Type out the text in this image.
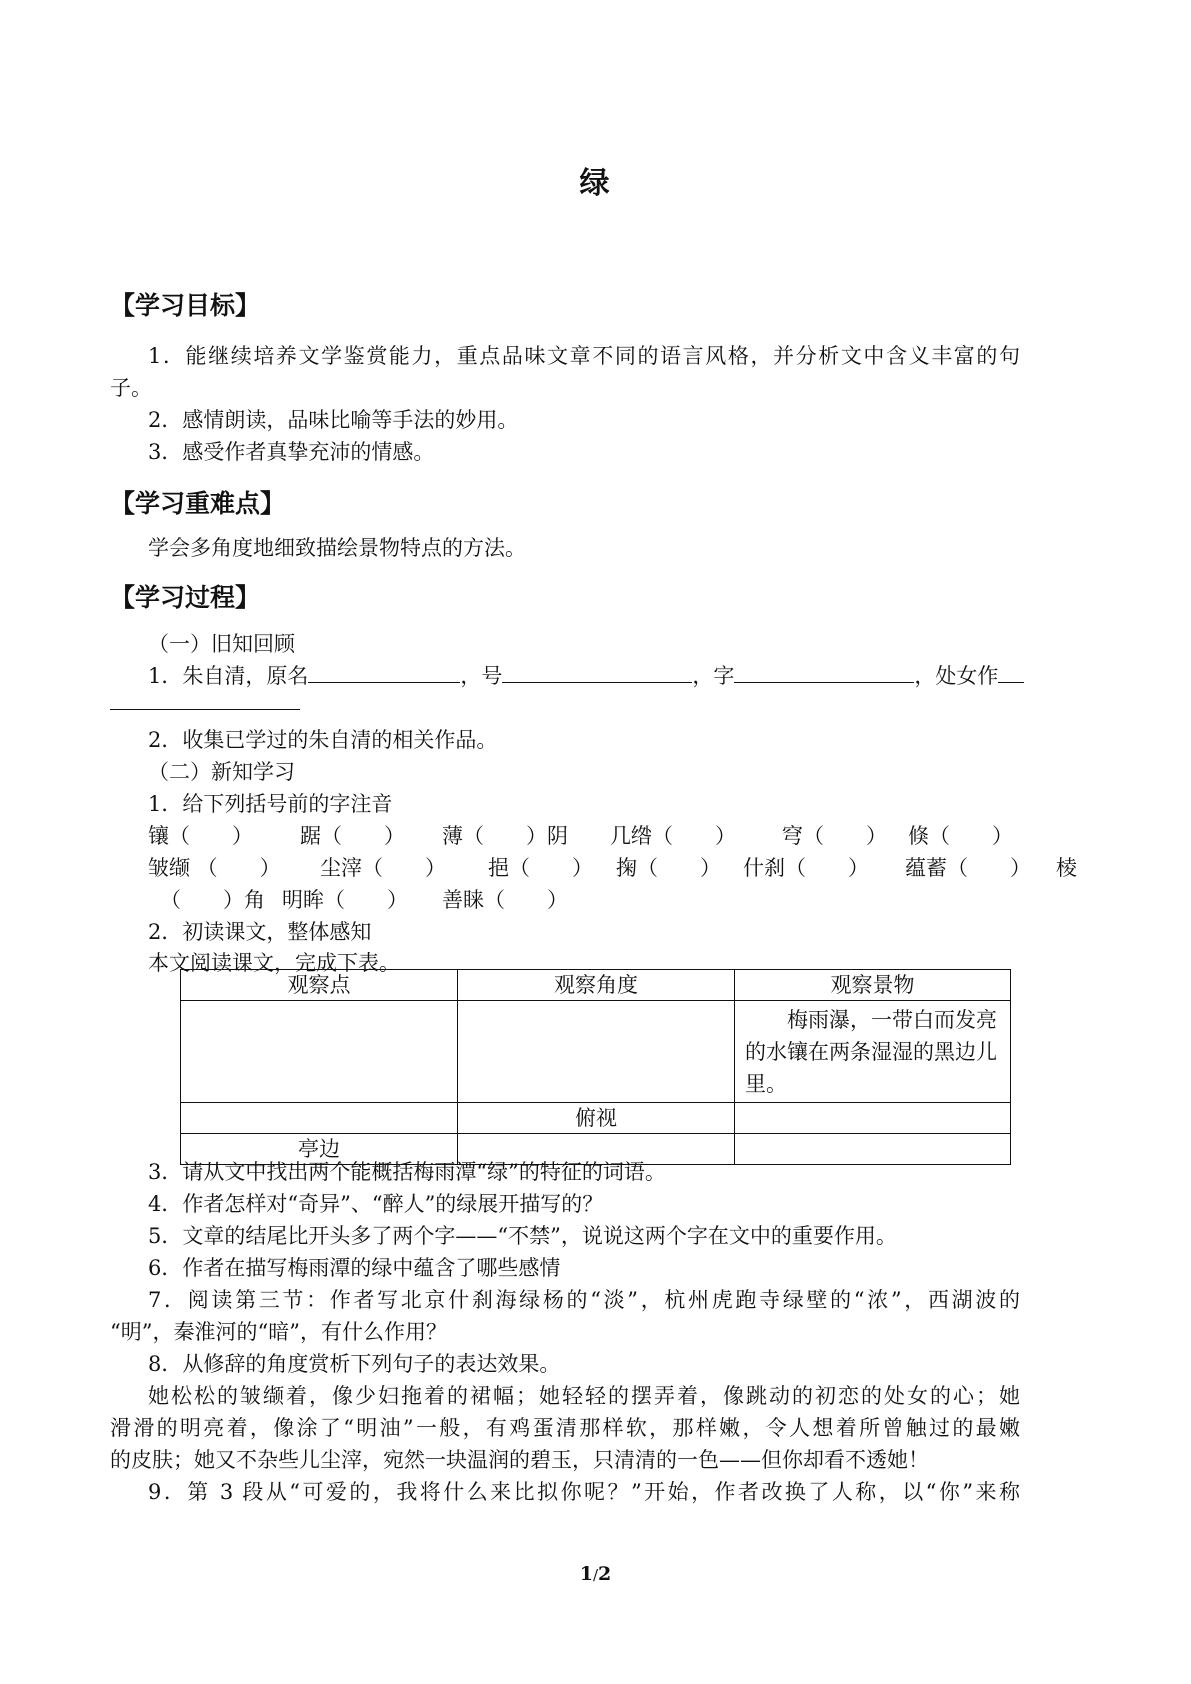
绿
【学习目标】
1．能继续培养文学鉴赏能力，重点品味文章不同的语言风格，并分析文中含义丰富的句
子。
2．感情朗读，品味比喻等手法的妙用。
3．感受作者真挚充沛的情感。
【学习重难点】
学会多角度地细致描绘景物特点的方法。
【学习过程】
（一）旧知回顾
1．朱自清，原名	，号	，字	，处女作
2．收集已学过的朱自清的相关作品。
（二）新知学习
1．给下列括号前的字注音
镶（　　） 踞（　　） 薄（　　）阴 几绺（　　） 穹（　　） 倏（　　）
皱缬 （　　） 尘滓（　　） 挹（　　） 掬（　　） 什刹（　　） 蕴蓄（　　） 棱
（　　）角 明眸（　　） 善睐（　　）
2．初读课文，整体感知
本文阅读课文，完成下表。
观察点	观察角度	观察景物
		梅雨瀑，一带白而发亮的水镶在两条湿湿的黑边儿里。
	俯视	
亭边		
3．请从文中找出两个能概括梅雨潭“绿”的特征的词语。
4．作者怎样对“奇异”、“醉人”的绿展开描写的？
5．文章的结尾比开头多了两个字——“不禁”，说说这两个字在文中的重要作用。
6．作者在描写梅雨潭的绿中蕴含了哪些感情
7．阅读第三节：作者写北京什刹海绿杨的“淡”，杭州虎跑寺绿壁的“浓”，西湖波的
“明”，秦淮河的“暗”，有什么作用？
8．从修辞的角度赏析下列句子的表达效果。
她松松的皱缬着，像少妇拖着的裙幅；她轻轻的摆弄着，像跳动的初恋的处女的心；她
滑滑的明亮着，像涂了“明油”一般，有鸡蛋清那样软，那样嫩，令人想着所曾触过的最嫩
的皮肤；她又不杂些儿尘滓，宛然一块温润的碧玉，只清清的一色——但你却看不透她！
9．第 3 段从“可爱的，我将什么来比拟你呢？”开始，作者改换了人称，以“你”来称
1/2
